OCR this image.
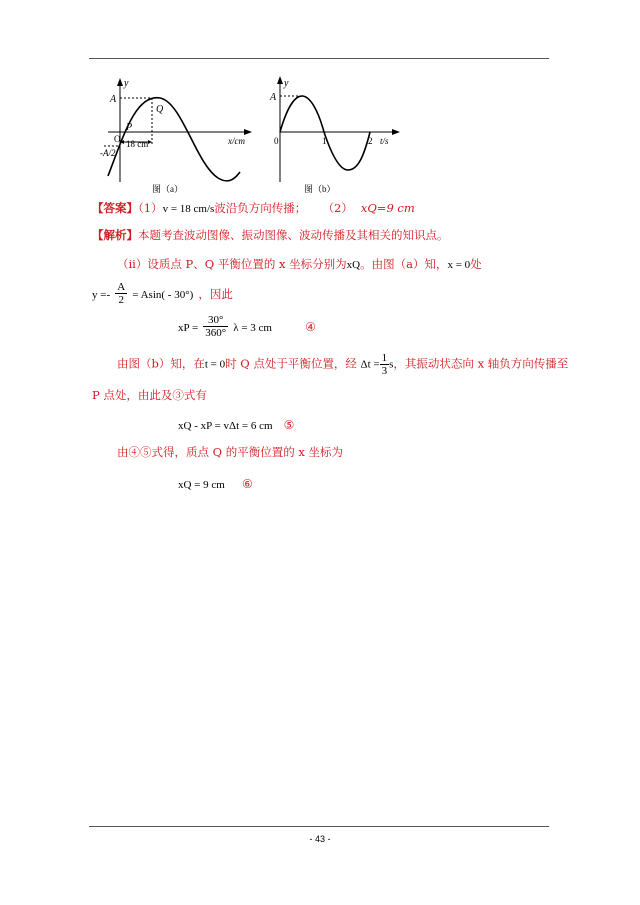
y
A
O
-A/2
P
Q
18 cm	x/cm
图（a）
y
A
0	1	2 t/s
图（b）
【答案】（1）v = 18 cm/s波沿负方向传播； （2） xQ=9 cm
【解析】本题考查波动图像、振动图像、波动传播及其相关的知识点。
（ii）设质点 P、Q 平衡位置的 x 坐标分别为xQ。由图（a）知，x = 0处
$y =- \frac{A}{2} = Asin( - 30^\circ)$ ，因此
xP = $\frac{30^\circ}{360^\circ}$ λ = 3 cm	④
由图（b）知，在t = 0时 Q 点处于平衡位置，经 $\Delta t = \frac{1}{3}$ s，其振动状态向 x 轴负方向传播至
P 点处，由此及③式有
xQ - xP = vΔt = 6 cm ⑤
由④⑤式得，质点 Q 的平衡位置的 x 坐标为
xQ = 9 cm ⑥
- 43 -
